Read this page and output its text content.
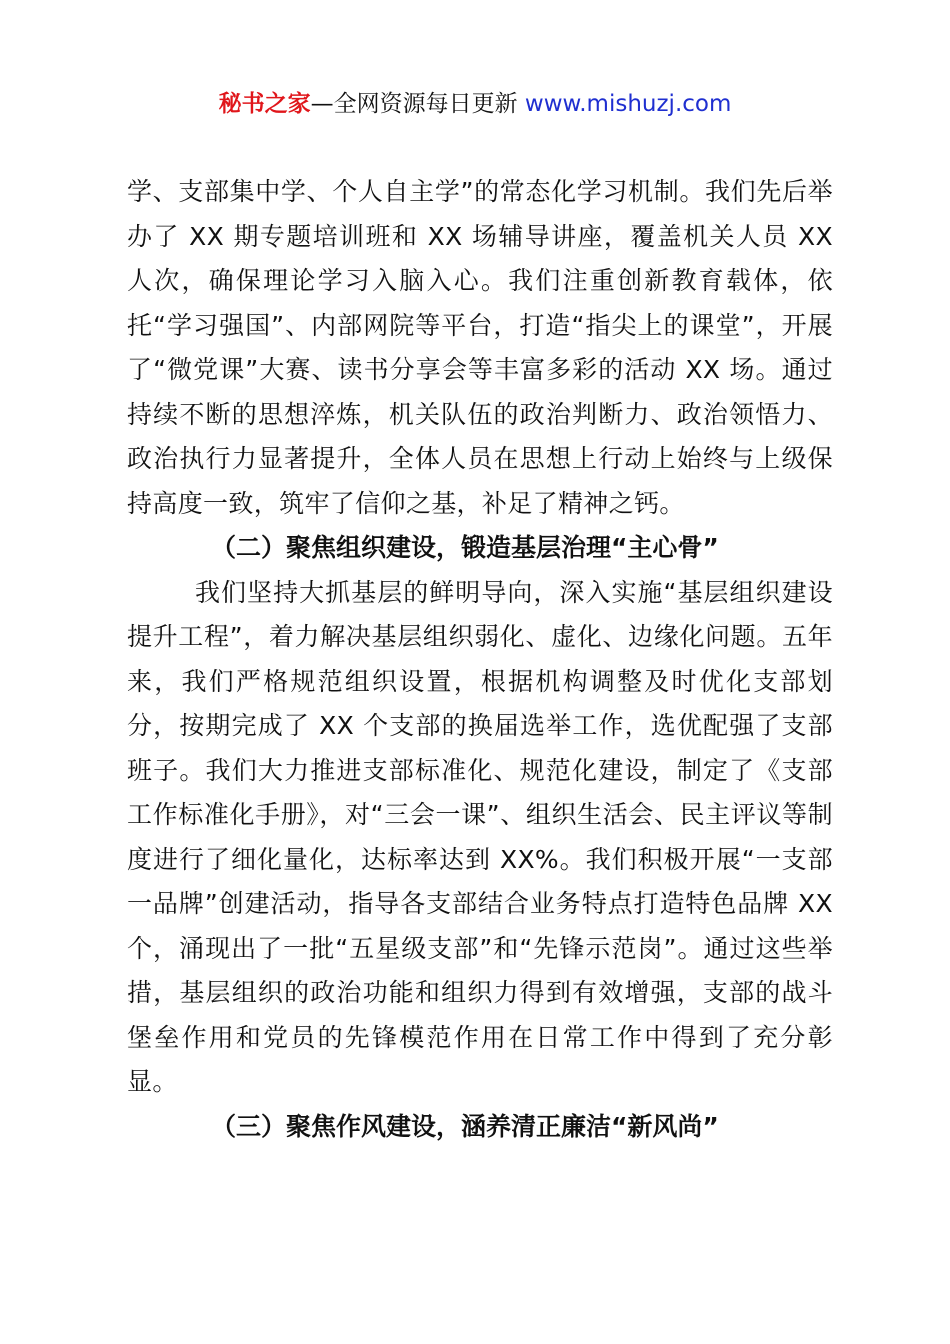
秘书之家—全网资源每日更新 www.mishuzj.com

学、支部集中学、个人自主学”的常态化学习机制。我们先后举办了 XX 期专题培训班和 XX 场辅导讲座，覆盖机关人员 XX 人次，确保理论学习入脑入心。我们注重创新教育载体，依托“学习强国”、内部网院等平台，打造“指尖上的课堂”，开展了“微党课”大赛、读书分享会等丰富多彩的活动 XX 场。通过持续不断的思想淬炼，机关队伍的政治判断力、政治领悟力、政治执行力显著提升，全体人员在思想上行动上始终与上级保持高度一致，筑牢了信仰之基，补足了精神之钙。

（二）聚焦组织建设，锻造基层治理“主心骨”

我们坚持大抓基层的鲜明导向，深入实施“基层组织建设提升工程”，着力解决基层组织弱化、虚化、边缘化问题。五年来，我们严格规范组织设置，根据机构调整及时优化支部划分，按期完成了 XX 个支部的换届选举工作，选优配强了支部班子。我们大力推进支部标准化、规范化建设，制定了《支部工作标准化手册》，对“三会一课”、组织生活会、民主评议等制度进行了细化量化，达标率达到 XX%。我们积极开展“一支部一品牌”创建活动，指导各支部结合业务特点打造特色品牌 XX 个，涌现出了一批“五星级支部”和“先锋示范岗”。通过这些举措，基层组织的政治功能和组织力得到有效增强，支部的战斗堡垒作用和党员的先锋模范作用在日常工作中得到了充分彰显。

（三）聚焦作风建设，涵养清正廉洁“新风尚”
